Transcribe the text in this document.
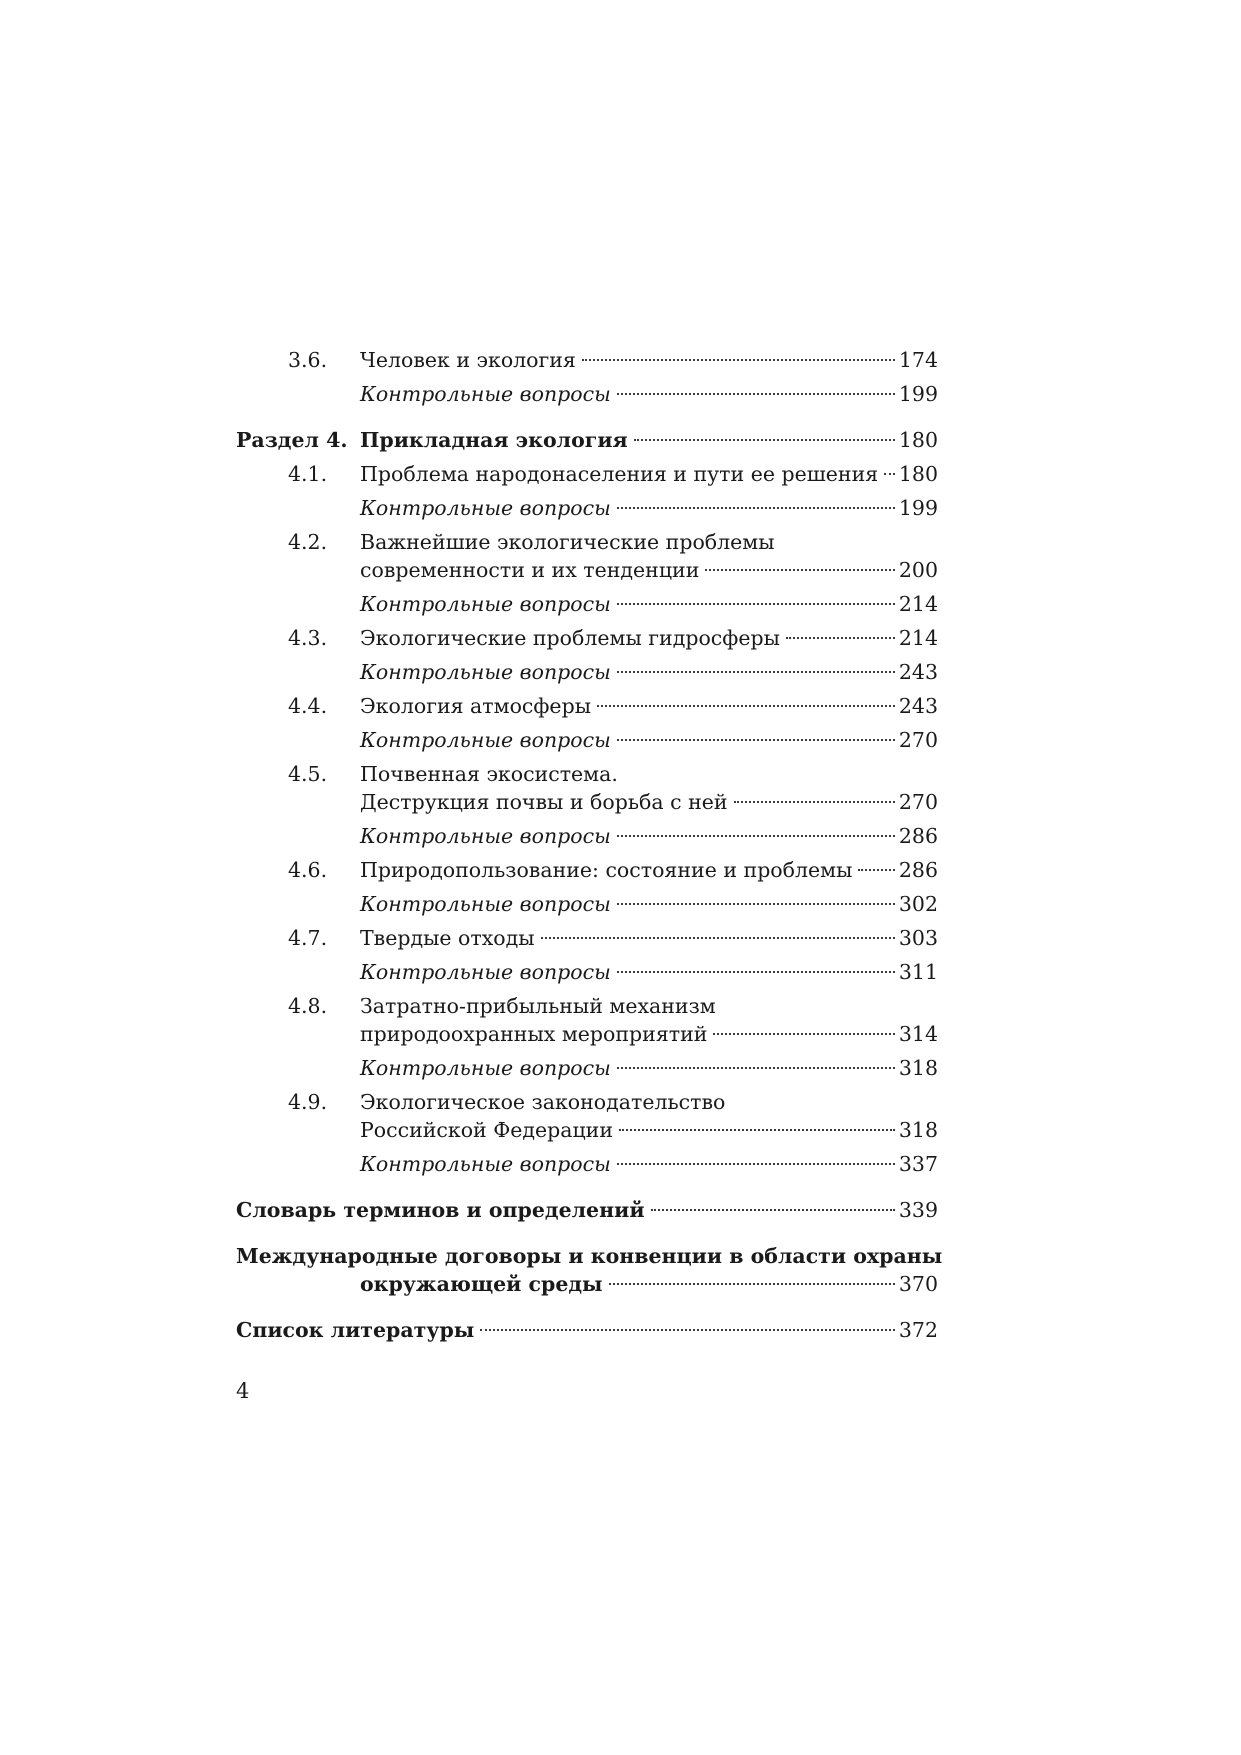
3.6.	Человек и экология	174
Контрольные вопросы	199
Раздел 4. Прикладная экология	180
4.1.	Проблема народонаселения и пути ее решения 180
Контрольные вопросы	199
4.2.	Важнейшие экологические проблемы
современности и их тенденции	200
Контрольные вопросы	214
4.3.	Экологические проблемы гидросферы	214
Контрольные вопросы	243
4.4.	Экология атмосферы	243
Контрольные вопросы	270
4.5.	Почвенная экосистема.
Деструкция почвы и борьба с ней	270
Контрольные вопросы	286
4.6.	Природопользование: состояние и проблемы 286
Контрольные вопросы	302
4.7.	Твердые отходы	303
Контрольные вопросы	311
4.8.	Затратно-прибыльный механизм
природоохранных мероприятий	314
Контрольные вопросы	318
4.9.	Экологическое законодательство
Российской Федерации	318
Контрольные вопросы	337
Словарь терминов и определений	339
Международные договоры и конвенции в области охраны
окружающей среды	370
Список литературы	372
4
